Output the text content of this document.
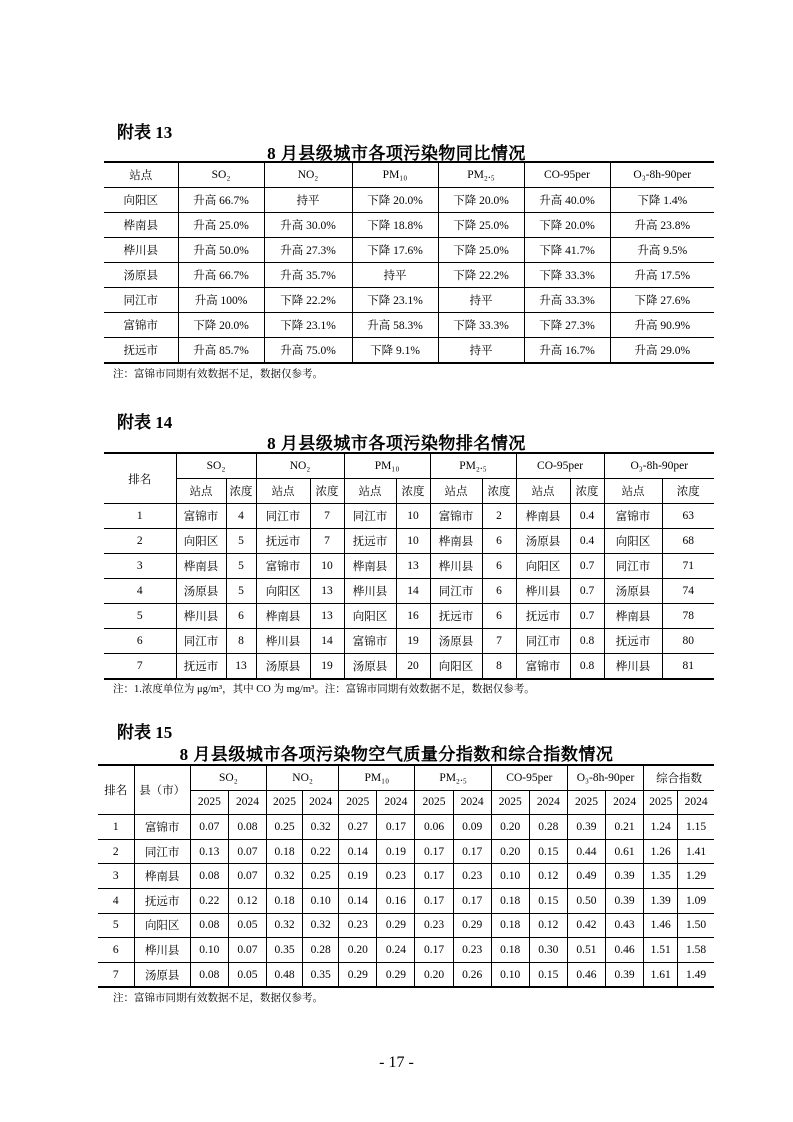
附表 13
8 月县级城市各项污染物同比情况
站点	SO₂	NO₂	PM₁₀	PM₂.₅	CO-95per	O₃-8h-90per
向阳区	升高 66.7%	持平	下降 20.0%	下降 20.0%	升高 40.0%	下降 1.4%
桦南县	升高 25.0%	升高 30.0%	下降 18.8%	下降 25.0%	下降 20.0%	升高 23.8%
桦川县	升高 50.0%	升高 27.3%	下降 17.6%	下降 25.0%	下降 41.7%	升高 9.5%
汤原县	升高 66.7%	升高 35.7%	持平	下降 22.2%	下降 33.3%	升高 17.5%
同江市	升高 100%	下降 22.2%	下降 23.1%	持平	升高 33.3%	下降 27.6%
富锦市	下降 20.0%	下降 23.1%	升高 58.3%	下降 33.3%	下降 27.3%	升高 90.9%
抚远市	升高 85.7%	升高 75.0%	下降 9.1%	持平	升高 16.7%	升高 29.0%
注：富锦市同期有效数据不足，数据仅参考。
附表 14
8 月县级城市各项污染物排名情况
排名	SO₂		NO₂		PM₁₀		PM₂.₅		CO-95per		O₃-8h-90per	
	站点	浓度	站点	浓度	站点	浓度	站点	浓度	站点	浓度	站点	浓度
1	富锦市	4	同江市	7	同江市	10	富锦市	2	桦南县	0.4	富锦市	63
2	向阳区	5	抚远市	7	抚远市	10	桦南县	6	汤原县	0.4	向阳区	68
3	桦南县	5	富锦市	10	桦南县	13	桦川县	6	向阳区	0.7	同江市	71
4	汤原县	5	向阳区	13	桦川县	14	同江市	6	桦川县	0.7	汤原县	74
5	桦川县	6	桦南县	13	向阳区	16	抚远市	6	抚远市	0.7	桦南县	78
6	同江市	8	桦川县	14	富锦市	19	汤原县	7	同江市	0.8	抚远市	80
7	抚远市	13	汤原县	19	汤原县	20	向阳区	8	富锦市	0.8	桦川县	81
注：1.浓度单位为 μg/m³，其中 CO 为 mg/m³。注：富锦市同期有效数据不足，数据仅参考。
附表 15
8 月县级城市各项污染物空气质量分指数和综合指数情况
排名	县（市）	SO₂		NO₂		PM₁₀		PM₂.₅		CO-95per		O₃-8h-90per		综合指数	
		2025	2024	2025	2024	2025	2024	2025	2024	2025	2024	2025	2024	2025	2024
1	富锦市	0.07	0.08	0.25	0.32	0.27	0.17	0.06	0.09	0.20	0.28	0.39	0.21	1.24	1.15
2	同江市	0.13	0.07	0.18	0.22	0.14	0.19	0.17	0.17	0.20	0.15	0.44	0.61	1.26	1.41
3	桦南县	0.08	0.07	0.32	0.25	0.19	0.23	0.17	0.23	0.10	0.12	0.49	0.39	1.35	1.29
4	抚远市	0.22	0.12	0.18	0.10	0.14	0.16	0.17	0.17	0.18	0.15	0.50	0.39	1.39	1.09
5	向阳区	0.08	0.05	0.32	0.32	0.23	0.29	0.23	0.29	0.18	0.12	0.42	0.43	1.46	1.50
6	桦川县	0.10	0.07	0.35	0.28	0.20	0.24	0.17	0.23	0.18	0.30	0.51	0.46	1.51	1.58
7	汤原县	0.08	0.05	0.48	0.35	0.29	0.29	0.20	0.26	0.10	0.15	0.46	0.39	1.61	1.49
注：富锦市同期有效数据不足，数据仅参考。
- 17 -
